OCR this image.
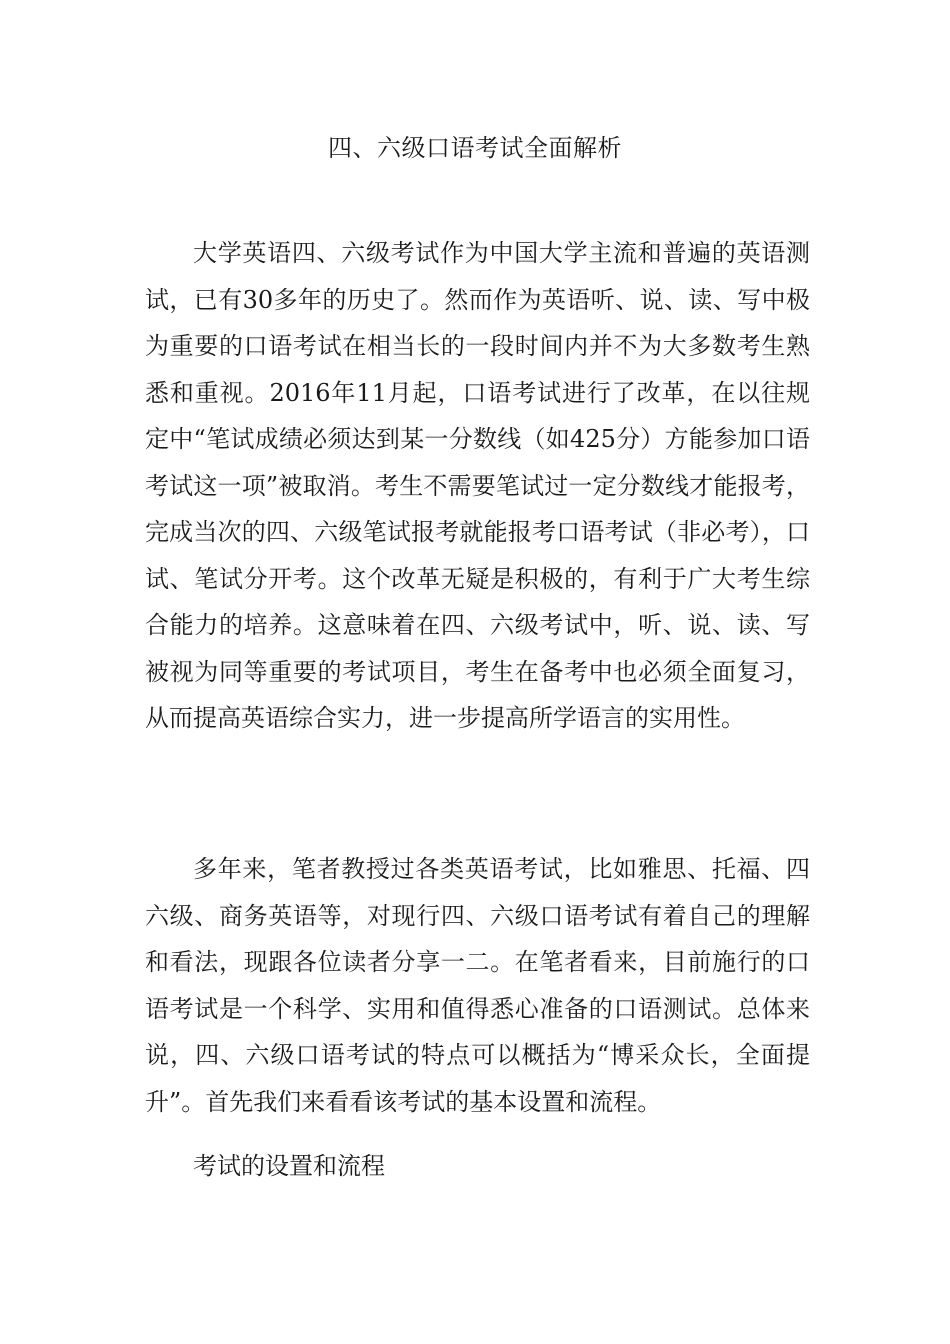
四、六级口语考试全面解析

大学英语四、六级考试作为中国大学主流和普遍的英语测试，已有30多年的历史了。然而作为英语听、说、读、写中极为重要的口语考试在相当长的一段时间内并不为大多数考生熟悉和重视。2016年11月起，口语考试进行了改革，在以往规定中“笔试成绩必须达到某一分数线（如425分）方能参加口语考试这一项”被取消。考生不需要笔试过一定分数线才能报考，完成当次的四、六级笔试报考就能报考口语考试（非必考），口试、笔试分开考。这个改革无疑是积极的，有利于广大考生综合能力的培养。这意味着在四、六级考试中，听、说、读、写被视为同等重要的考试项目，考生在备考中也必须全面复习，从而提高英语综合实力，进一步提高所学语言的实用性。

多年来，笔者教授过各类英语考试，比如雅思、托福、四六级、商务英语等，对现行四、六级口语考试有着自己的理解和看法，现跟各位读者分享一二。在笔者看来，目前施行的口语考试是一个科学、实用和值得悉心准备的口语测试。总体来说，四、六级口语考试的特点可以概括为“博采众长，全面提升”。首先我们来看看该考试的基本设置和流程。

考试的设置和流程
